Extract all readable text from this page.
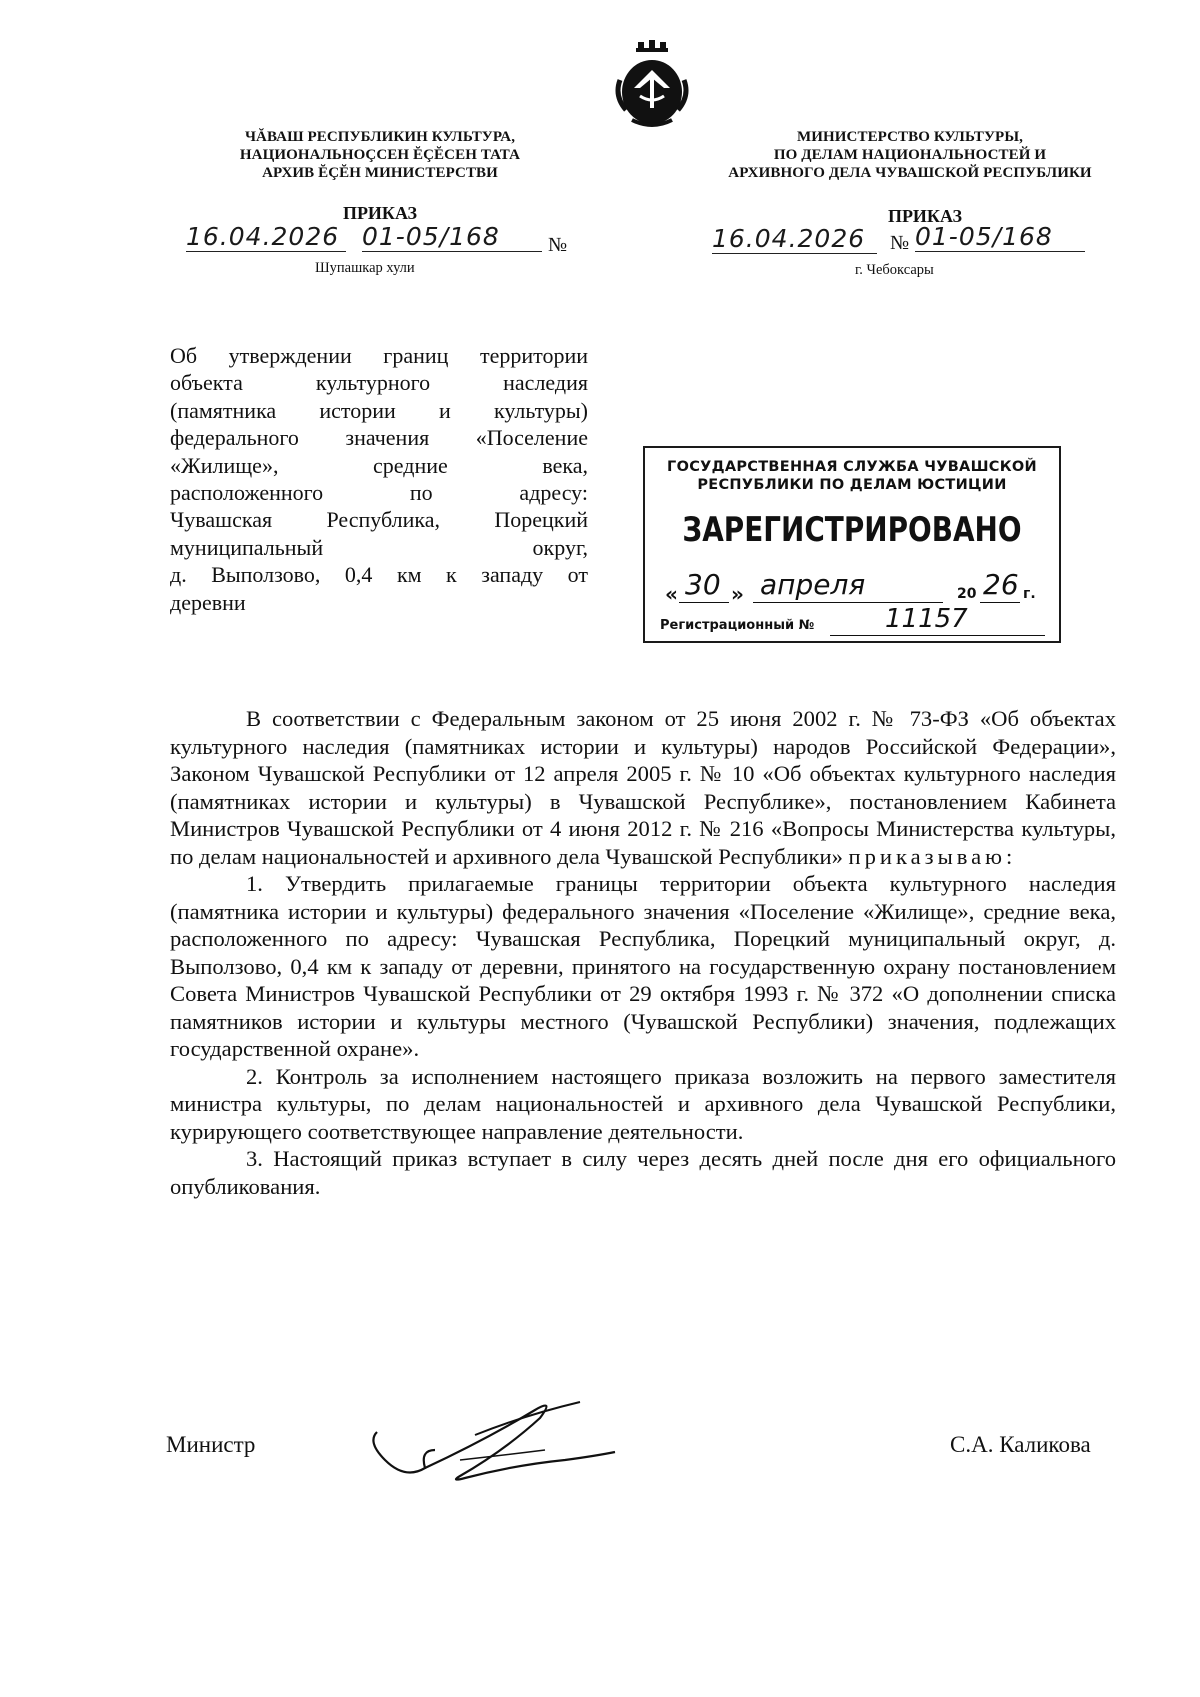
ЧĂВАШ РЕСПУБЛИКИН КУЛЬТУРА,
НАЦИОНАЛЬНОÇСЕН ĔÇĔСЕН ТАТА
АРХИВ ĔÇĔН МИНИСТЕРСТВИ
ПРИКАЗ
16.04.2026 01-05/168	№
Шупашкар хули
МИНИСТЕРСТВО КУЛЬТУРЫ,
ПО ДЕЛАМ НАЦИОНАЛЬНОСТЕЙ И
АРХИВНОГО ДЕЛА ЧУВАШСКОЙ РЕСПУБЛИКИ
ПРИКАЗ
16.04.2026	№ 01-05/168
г. Чебоксары
Об утверждении границ территории
объекта культурного наследия
(памятника истории и культуры)
федерального значения «Поселение
«Жилище», средние века,
расположенного по адресу:
Чувашская Республика, Порецкий
муниципальный округ,
д. Выползово, 0,4 км к западу от
деревни
ГОСУДАРСТВЕННАЯ СЛУЖБА ЧУВАШСКОЙ
РЕСПУБЛИКИ ПО ДЕЛАМ ЮСТИЦИИ
ЗАРЕГИСТРИРОВАНО
« 30 » апреля	20 26 г.
Регистрационный №	11157

В соответствии с Федеральным законом от 25 июня 2002 г. № 73-ФЗ «Об объектах культурного наследия (памятниках истории и культуры) народов Российской Федерации», Законом Чувашской Республики от 12 апреля 2005 г. № 10 «Об объектах культурного наследия (памятниках истории и культуры) в Чувашской Республике», постановлением Кабинета Министров Чувашской Республики от 4 июня 2012 г. № 216 «Вопросы Министерства культуры, по делам национальностей и архивного дела Чувашской Республики» приказываю:

1. Утвердить прилагаемые границы территории объекта культурного наследия (памятника истории и культуры) федерального значения «Поселение «Жилище», средние века, расположенного по адресу: Чувашская Республика, Порецкий муниципальный округ, д. Выползово, 0,4 км к западу от деревни, принятого на государственную охрану постановлением Совета Министров Чувашской Республики от 29 октября 1993 г. № 372 «О дополнении списка памятников истории и культуры местного (Чувашской Республики) значения, подлежащих государственной охране».

2. Контроль за исполнением настоящего приказа возложить на первого заместителя министра культуры, по делам национальностей и архивного дела Чувашской Республики, курирующего соответствующее направление деятельности.

3. Настоящий приказ вступает в силу через десять дней после дня его официального опубликования.

Министр	С.А. Каликова
